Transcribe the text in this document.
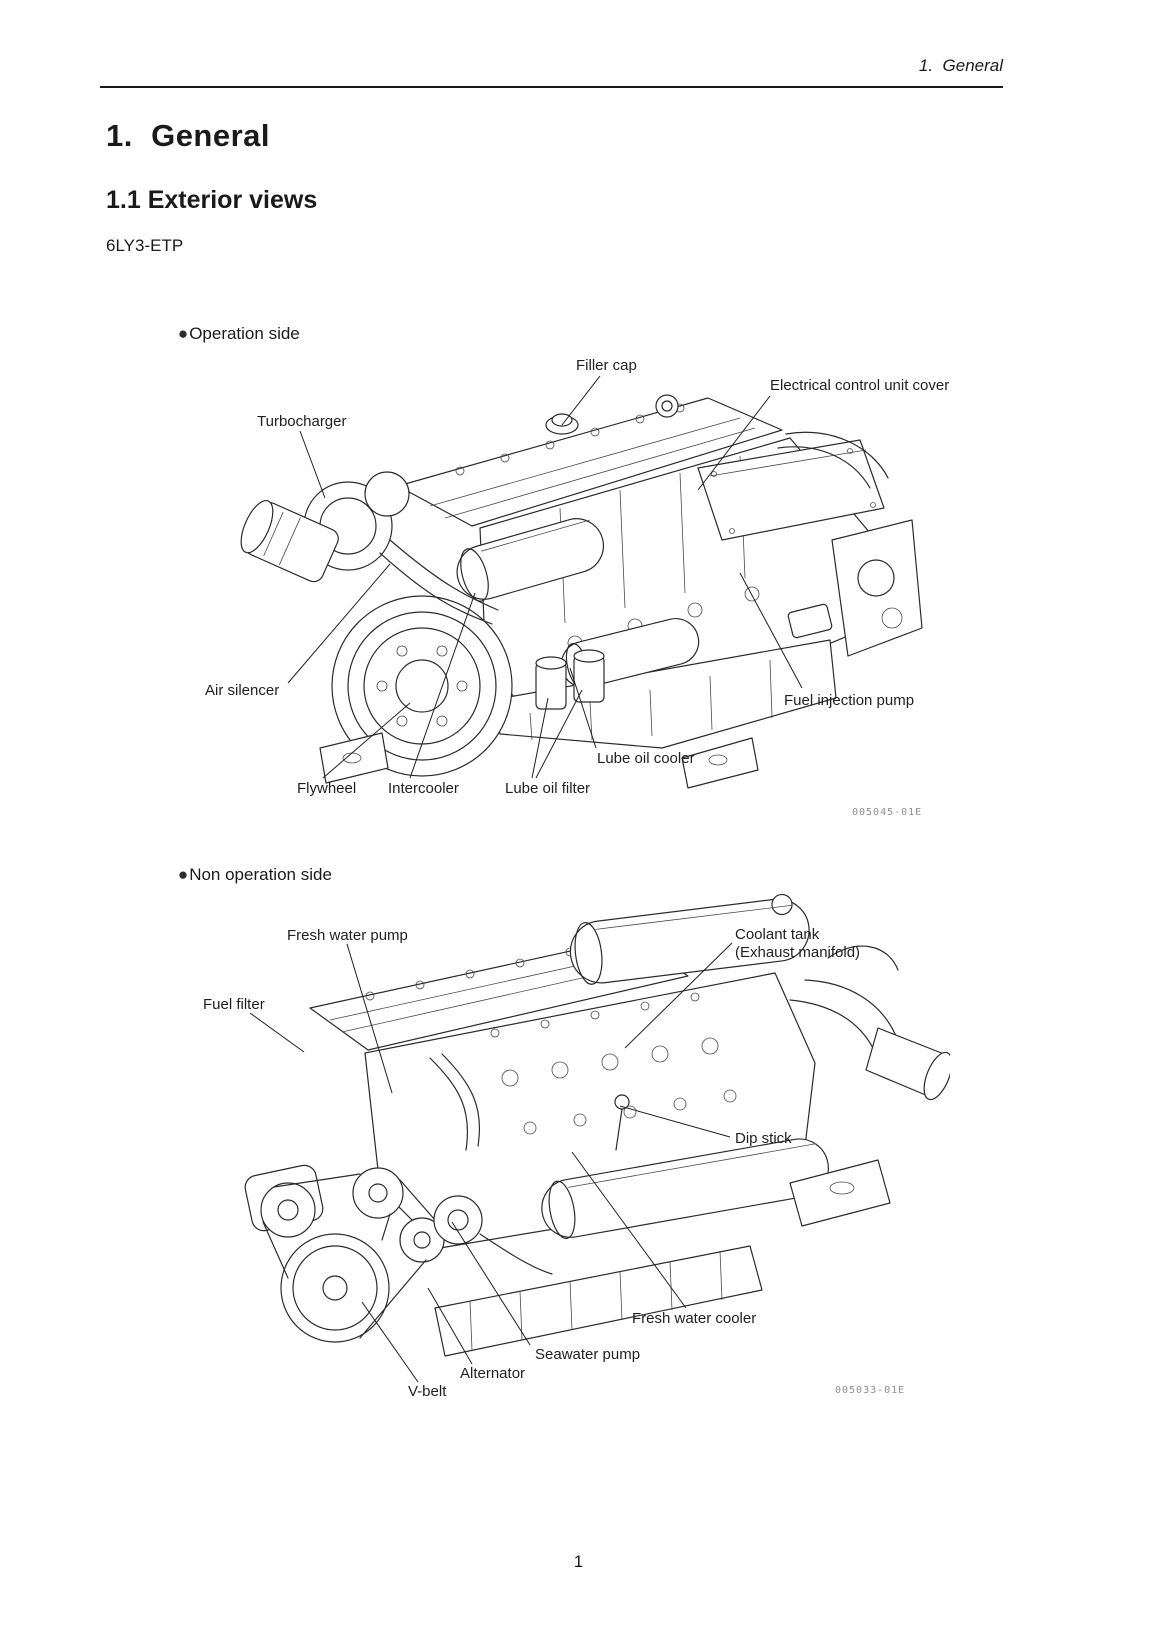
1.  General
1.  General
1.1 Exterior views
6LY3-ETP

●Operation side

Filler cap
Electrical control unit cover
Turbocharger
Air silencer
Fuel injection pump
Lube oil cooler
Flywheel Intercooler	Lube oil filter
005045-01E

●Non operation side

Fresh water pump	Coolant tank
(Exhaust manifold)
Fuel filter
Dip stick
Fresh water cooler
Seawater pump
Alternator
V-belt	005033-01E
1
